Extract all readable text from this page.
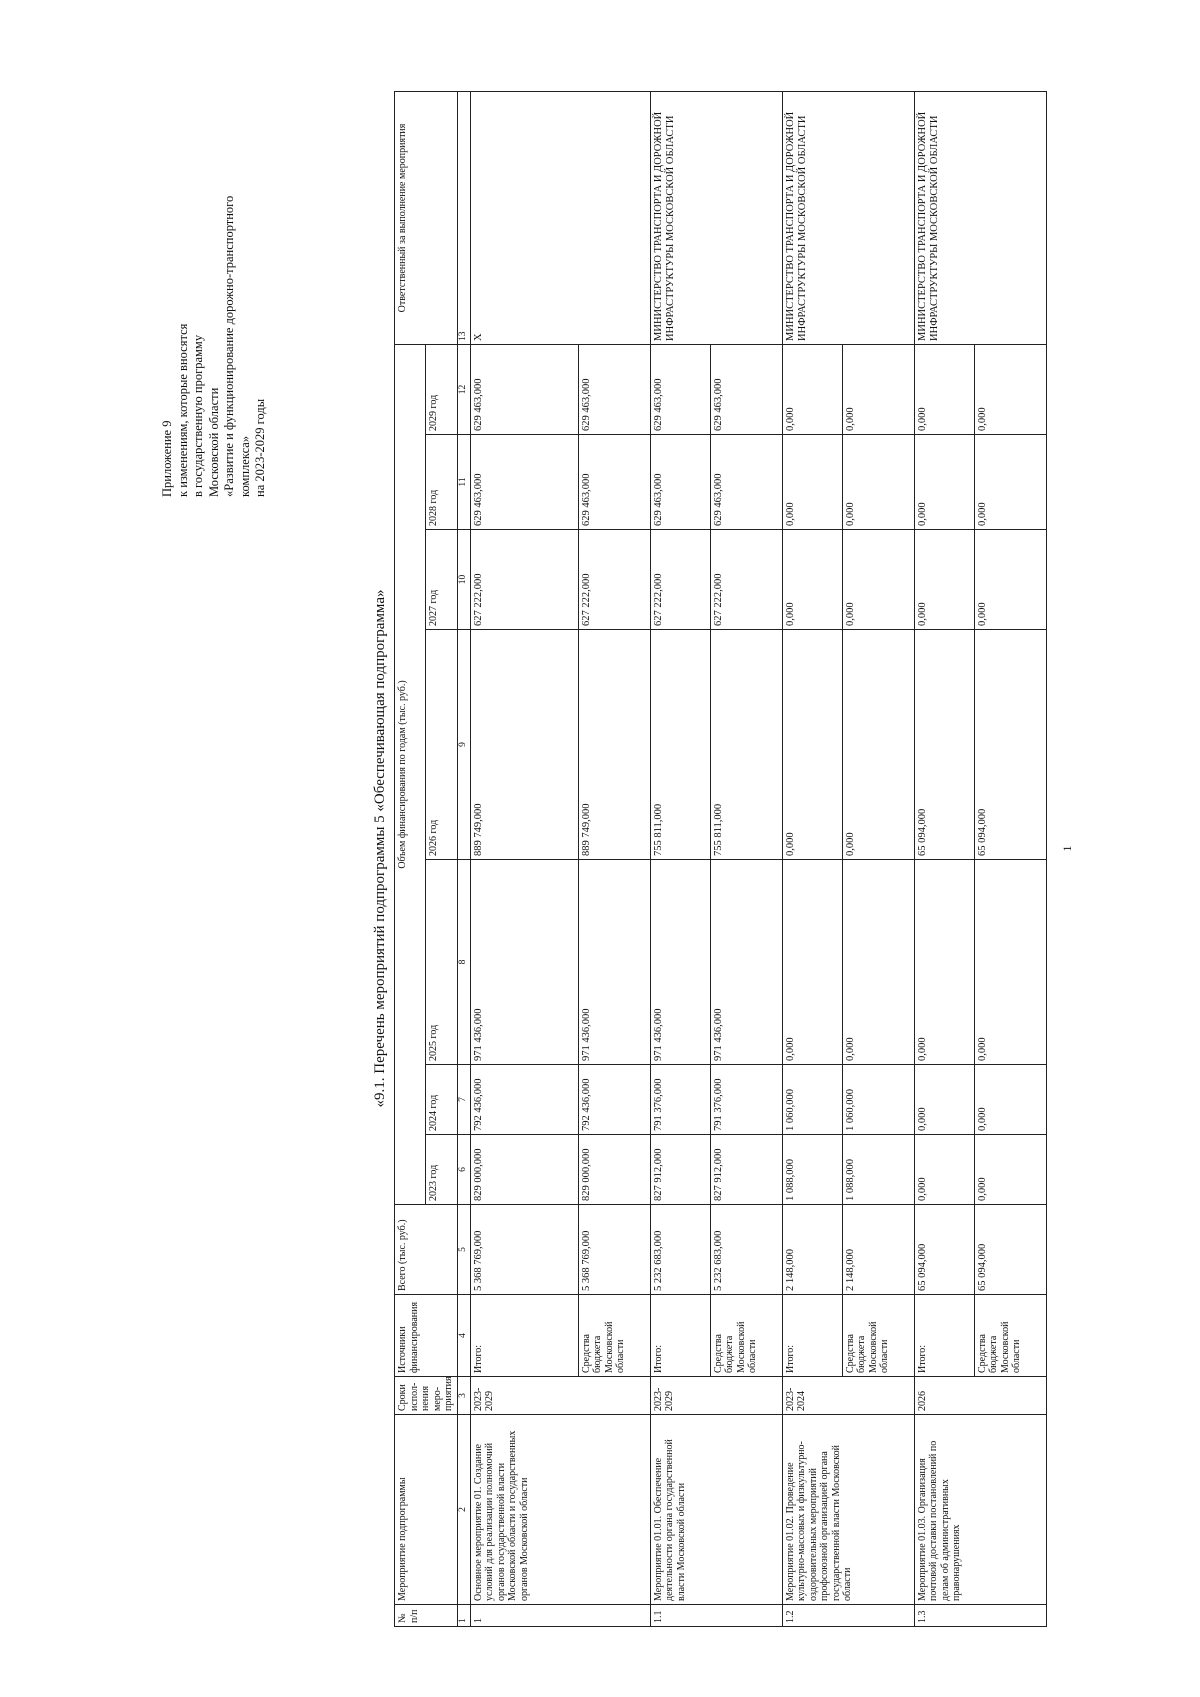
Приложение 9 к изменениям, которые вносятся в государственную программу Московской области «Развитие и функционирование дорожно-транспортного комплекса» на 2023-2029 годы
«9.1. Перечень мероприятий подпрограммы 5 «Обеспечивающая подпрограмма»
№ п/п	Мероприятие подпрограммы	Сроки испол-нения меро-приятия	Источники финансирования	Всего (тыс. руб.)	Объем финансирования по годам (тыс. руб.)							Ответственный за выполнение мероприятия
					2023 год	2024 год	2025 год	2026 год	2027 год	2028 год	2029 год	
1	2	3	4	5	6	7	8	9	10	11	12	13
1	Основное мероприятие 01. Создание условий для реализации полномочий органов государственной власти Московской области и государственных органов Московской области	2023-2029	Итого:	5 368 769,000	829 000,000	792 436,000	971 436,000	889 749,000	627 222,000	629 463,000	629 463,000	X
			Средства бюджета Московской области	5 368 769,000	829 000,000	792 436,000	971 436,000	889 749,000	627 222,000	629 463,000	629 463,000	
1.1	Мероприятие 01.01. Обеспечение деятельности органа государственной власти Московской области	2023-2029	Итого:	5 232 683,000	827 912,000	791 376,000	971 436,000	755 811,000	627 222,000	629 463,000	629 463,000	МИНИСТЕРСТВО ТРАНСПОРТА И ДОРОЖНОЙ ИНФРАСТРУКТУРЫ МОСКОВСКОЙ ОБЛАСТИ
			Средства бюджета Московской области	5 232 683,000	827 912,000	791 376,000	971 436,000	755 811,000	627 222,000	629 463,000	629 463,000	
1.2	Мероприятие 01.02. Проведение культурно-массовых и физкультурно-оздоровительных мероприятий профсоюзной организацией органа государственной власти Московской области	2023-2024	Итого:	2 148,000	1 088,000	1 060,000	0,000	0,000	0,000	0,000	0,000	МИНИСТЕРСТВО ТРАНСПОРТА И ДОРОЖНОЙ ИНФРАСТРУКТУРЫ МОСКОВСКОЙ ОБЛАСТИ
			Средства бюджета Московской области	2 148,000	1 088,000	1 060,000	0,000	0,000	0,000	0,000	0,000	
1.3	Мероприятие 01.03. Организация почтовой доставки постановлений по делам об административных правонарушениях	2026	Итого:	65 094,000	0,000	0,000	0,000	65 094,000	0,000	0,000	0,000	МИНИСТЕРСТВО ТРАНСПОРТА И ДОРОЖНОЙ ИНФРАСТРУКТУРЫ МОСКОВСКОЙ ОБЛАСТИ
			Средства бюджета Московской области	65 094,000	0,000	0,000	0,000	65 094,000	0,000	0,000	0,000	
1
